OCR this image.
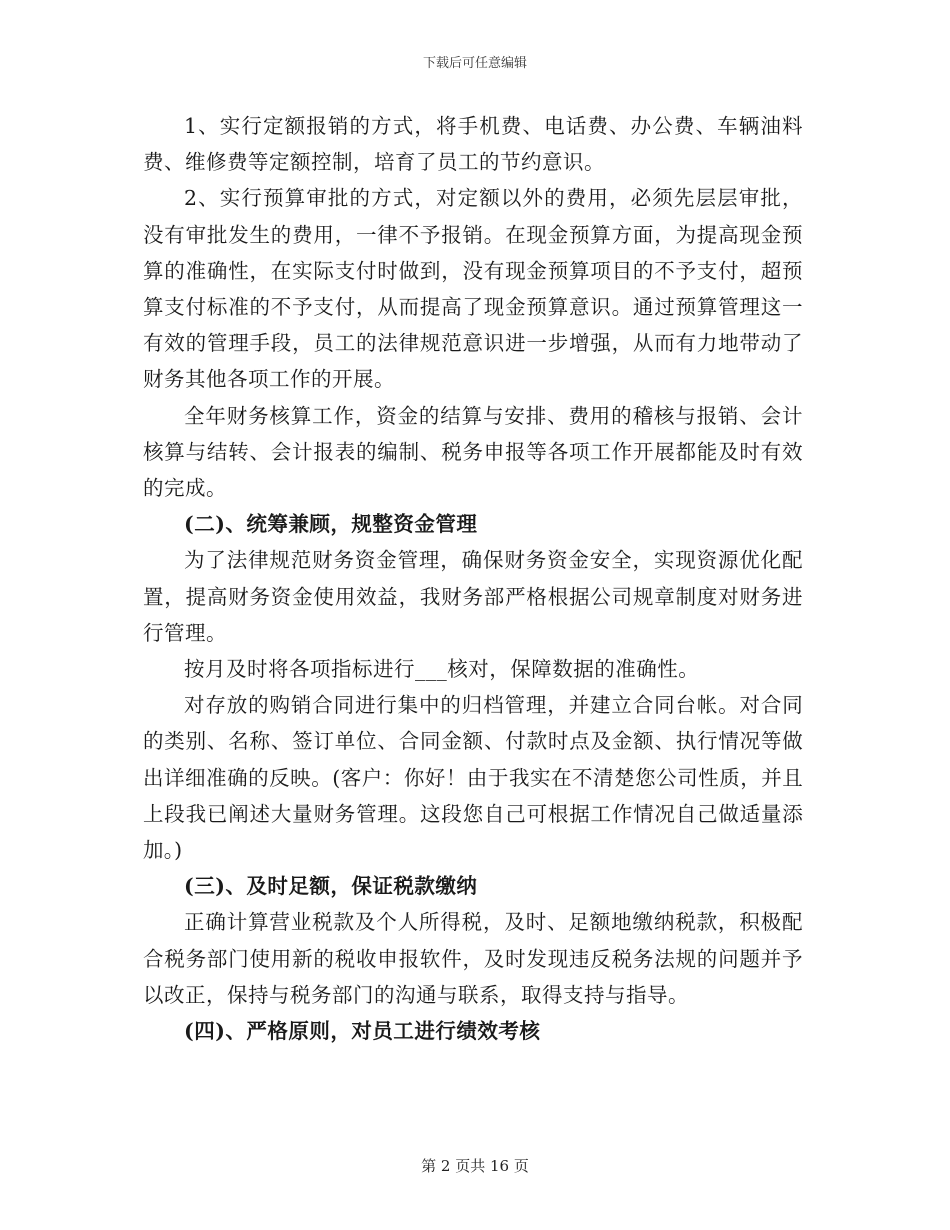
下载后可任意编辑

1、实行定额报销的方式，将手机费、电话费、办公费、车辆油料费、维修费等定额控制，培育了员工的节约意识。

2、实行预算审批的方式，对定额以外的费用，必须先层层审批，没有审批发生的费用，一律不予报销。在现金预算方面，为提高现金预算的准确性，在实际支付时做到，没有现金预算项目的不予支付，超预算支付标准的不予支付，从而提高了现金预算意识。通过预算管理这一有效的管理手段，员工的法律规范意识进一步增强，从而有力地带动了财务其他各项工作的开展。

全年财务核算工作，资金的结算与安排、费用的稽核与报销、会计核算与结转、会计报表的编制、税务申报等各项工作开展都能及时有效的完成。

(二)、统筹兼顾，规整资金管理

为了法律规范财务资金管理，确保财务资金安全，实现资源优化配置，提高财务资金使用效益，我财务部严格根据公司规章制度对财务进行管理。

按月及时将各项指标进行___核对，保障数据的准确性。

对存放的购销合同进行集中的归档管理，并建立合同台帐。对合同的类别、名称、签订单位、合同金额、付款时点及金额、执行情况等做出详细准确的反映。(客户：你好！由于我实在不清楚您公司性质，并且上段我已阐述大量财务管理。这段您自己可根据工作情况自己做适量添加。)

(三)、及时足额，保证税款缴纳

正确计算营业税款及个人所得税，及时、足额地缴纳税款，积极配合税务部门使用新的税收申报软件，及时发现违反税务法规的问题并予以改正，保持与税务部门的沟通与联系，取得支持与指导。

(四)、严格原则，对员工进行绩效考核

第 2 页共 16 页
